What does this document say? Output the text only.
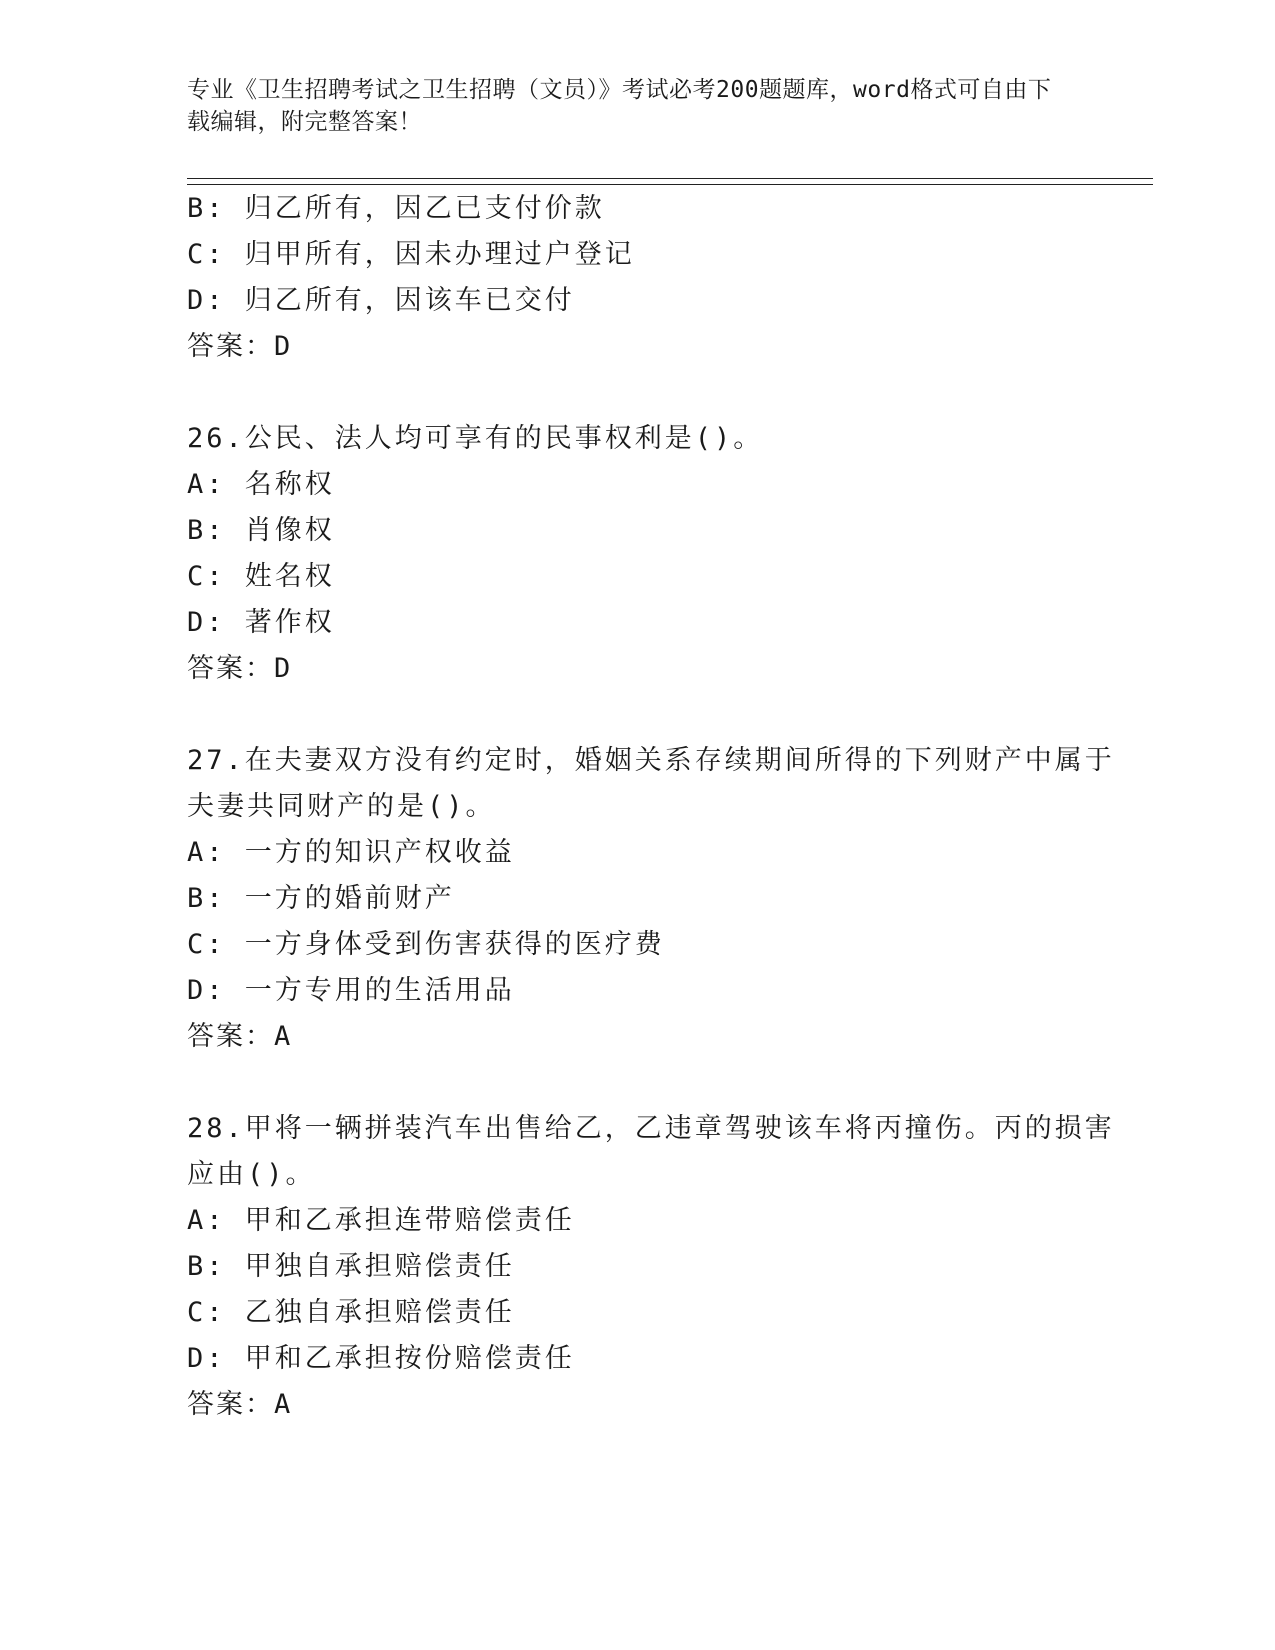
专业《卫生招聘考试之卫生招聘（文员）》考试必考200题题库，word格式可自由下载编辑，附完整答案！
B: 归乙所有，因乙已支付价款
C: 归甲所有，因未办理过户登记
D: 归乙所有，因该车已交付
答案：D
26.公民、法人均可享有的民事权利是()。
A: 名称权
B: 肖像权
C: 姓名权
D: 著作权
答案：D
27.在夫妻双方没有约定时，婚姻关系存续期间所得的下列财产中属于
夫妻共同财产的是()。
A: 一方的知识产权收益
B: 一方的婚前财产
C: 一方身体受到伤害获得的医疗费
D: 一方专用的生活用品
答案：A
28.甲将一辆拼装汽车出售给乙，乙违章驾驶该车将丙撞伤。丙的损害
应由()。
A: 甲和乙承担连带赔偿责任
B: 甲独自承担赔偿责任
C: 乙独自承担赔偿责任
D: 甲和乙承担按份赔偿责任
答案：A
